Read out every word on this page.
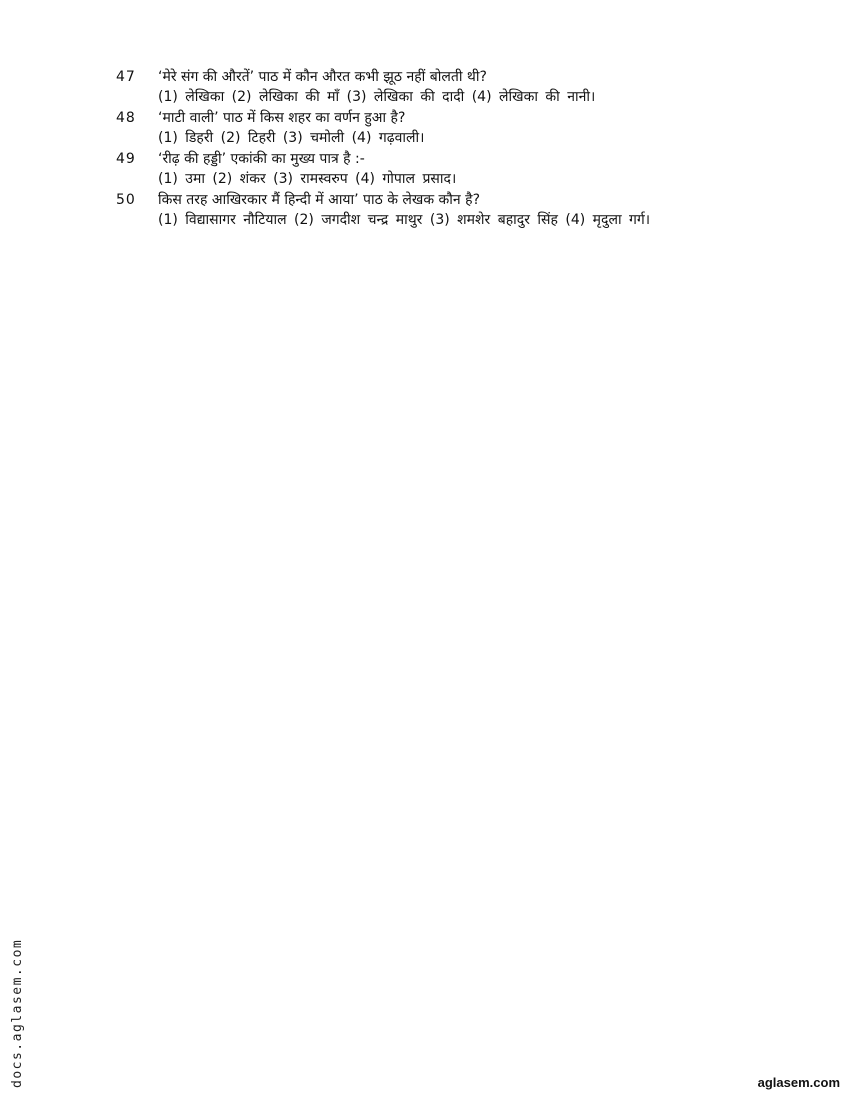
47	‘मेरे संग की औरतें’ पाठ में कौन औरत कभी झूठ नहीं बोलती थी?
(1) लेखिका (2) लेखिका की माँ (3) लेखिका की दादी (4) लेखिका की नानी।
48	‘माटी वाली’ पाठ में किस शहर का वर्णन हुआ है?
(1) डिहरी (2) टिहरी (3) चमोली (4) गढ़वाली।
49	‘रीढ़ की हड्डी’ एकांकी का मुख्य पात्र है :-
(1) उमा (2) शंकर (3) रामस्वरुप (4) गोपाल प्रसाद।
50	किस तरह आखिरकार मैं हिन्दी में आया’ पाठ के लेखक कौन है?
(1) विद्यासागर नौटियाल (2) जगदीश चन्द्र माथुर (3) शमशेर बहादुर सिंह (4) मृदुला गर्ग।
docs.aglasem.com	aglasem.com
